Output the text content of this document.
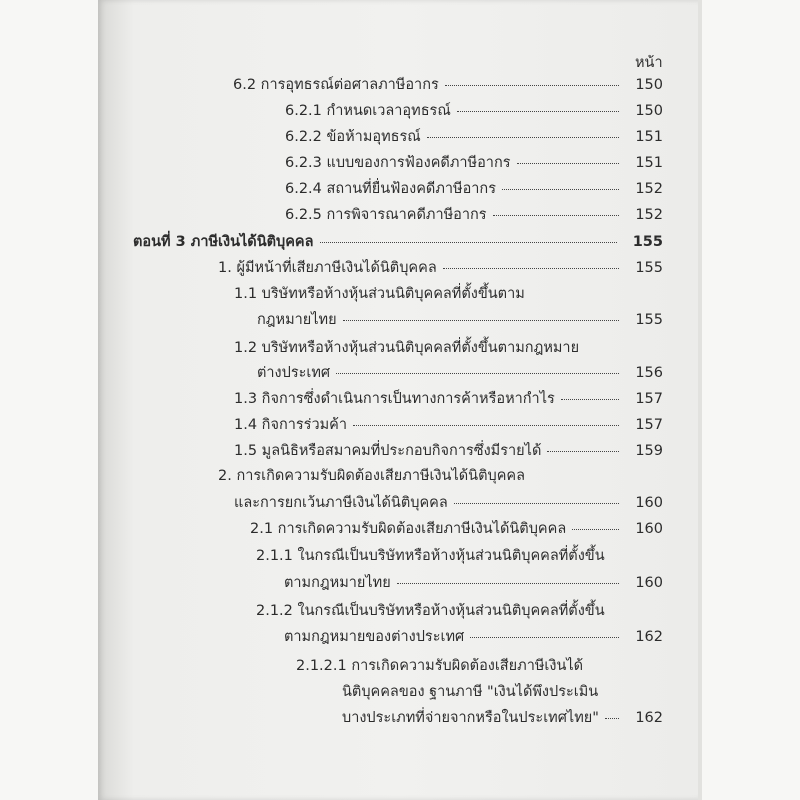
หน้า
6.2 การอุทธรณ์ต่อศาลภาษีอากร	150
6.2.1 กำหนดเวลาอุทธรณ์	150
6.2.2 ข้อห้ามอุทธรณ์	151
6.2.3 แบบของการฟ้องคดีภาษีอากร	151
6.2.4 สถานที่ยื่นฟ้องคดีภาษีอากร	152
6.2.5 การพิจารณาคดีภาษีอากร	152
ตอนที่ 3 ภาษีเงินได้นิติบุคคล	155
1. ผู้มีหน้าที่เสียภาษีเงินได้นิติบุคคล	155
1.1 บริษัทหรือห้างหุ้นส่วนนิติบุคคลที่ตั้งขึ้นตาม
กฎหมายไทย	155
1.2 บริษัทหรือห้างหุ้นส่วนนิติบุคคลที่ตั้งขึ้นตามกฎหมาย
ต่างประเทศ	156
1.3 กิจการซึ่งดำเนินการเป็นทางการค้าหรือหากำไร	157
1.4 กิจการร่วมค้า	157
1.5 มูลนิธิหรือสมาคมที่ประกอบกิจการซึ่งมีรายได้	159
2. การเกิดความรับผิดต้องเสียภาษีเงินได้นิติบุคคล
และการยกเว้นภาษีเงินได้นิติบุคคล	160
2.1 การเกิดความรับผิดต้องเสียภาษีเงินได้นิติบุคคล	160
2.1.1 ในกรณีเป็นบริษัทหรือห้างหุ้นส่วนนิติบุคคลที่ตั้งขึ้น
ตามกฎหมายไทย	160
2.1.2 ในกรณีเป็นบริษัทหรือห้างหุ้นส่วนนิติบุคคลที่ตั้งขึ้น
ตามกฎหมายของต่างประเทศ	162
2.1.2.1 การเกิดความรับผิดต้องเสียภาษีเงินได้
นิติบุคคลของ ฐานภาษี "เงินได้พึงประเมิน
บางประเภทที่จ่ายจากหรือในประเทศไทย"	162
